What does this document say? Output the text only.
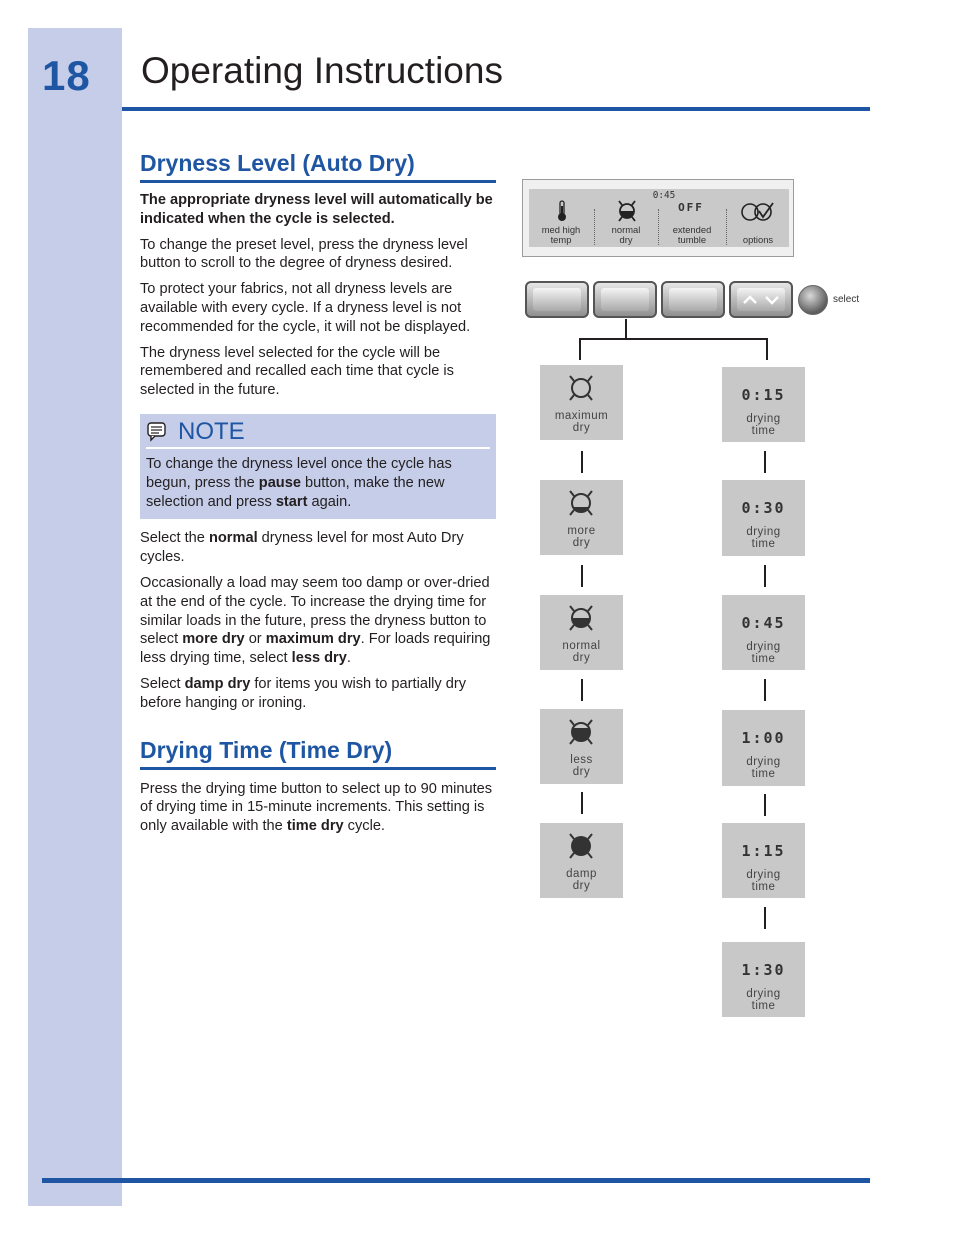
18 Operating Instructions
Dryness Level (Auto Dry)

The appropriate dryness level will automatically be indicated when the cycle is selected.

To change the preset level, press the dryness level button to scroll to the degree of dryness desired.

To protect your fabrics, not all dryness levels are available with every cycle. If a dryness level is not recommended for the cycle, it will not be displayed.

The dryness level selected for the cycle will be remembered and recalled each time that cycle is selected in the future.

NOTE

To change the dryness level once the cycle has begun, press the pause button, make the new selection and press start again.

Select the normal dryness level for most Auto Dry cycles.

Occasionally a load may seem too damp or over-dried at the end of the cycle. To increase the drying time for similar loads in the future, press the dryness button to select more dry or maximum dry. For loads requiring less drying time, select less dry.

Select damp dry for items you wish to partially dry before hanging or ironing.

Drying Time (Time Dry)

Press the drying time button to select up to 90 minutes of drying time in 15-minute increments. This setting is only available with the time dry cycle.

0:45
OFF
med high
temp
normal
dry
extended
tumble	options
select
maximum
dry
more
dry
normal
dry
less
dry
damp
dry
0:15
drying
time
0:30
drying
time
0:45
drying
time
1:00
drying
time
1:15
drying
time
1:30
drying
time
